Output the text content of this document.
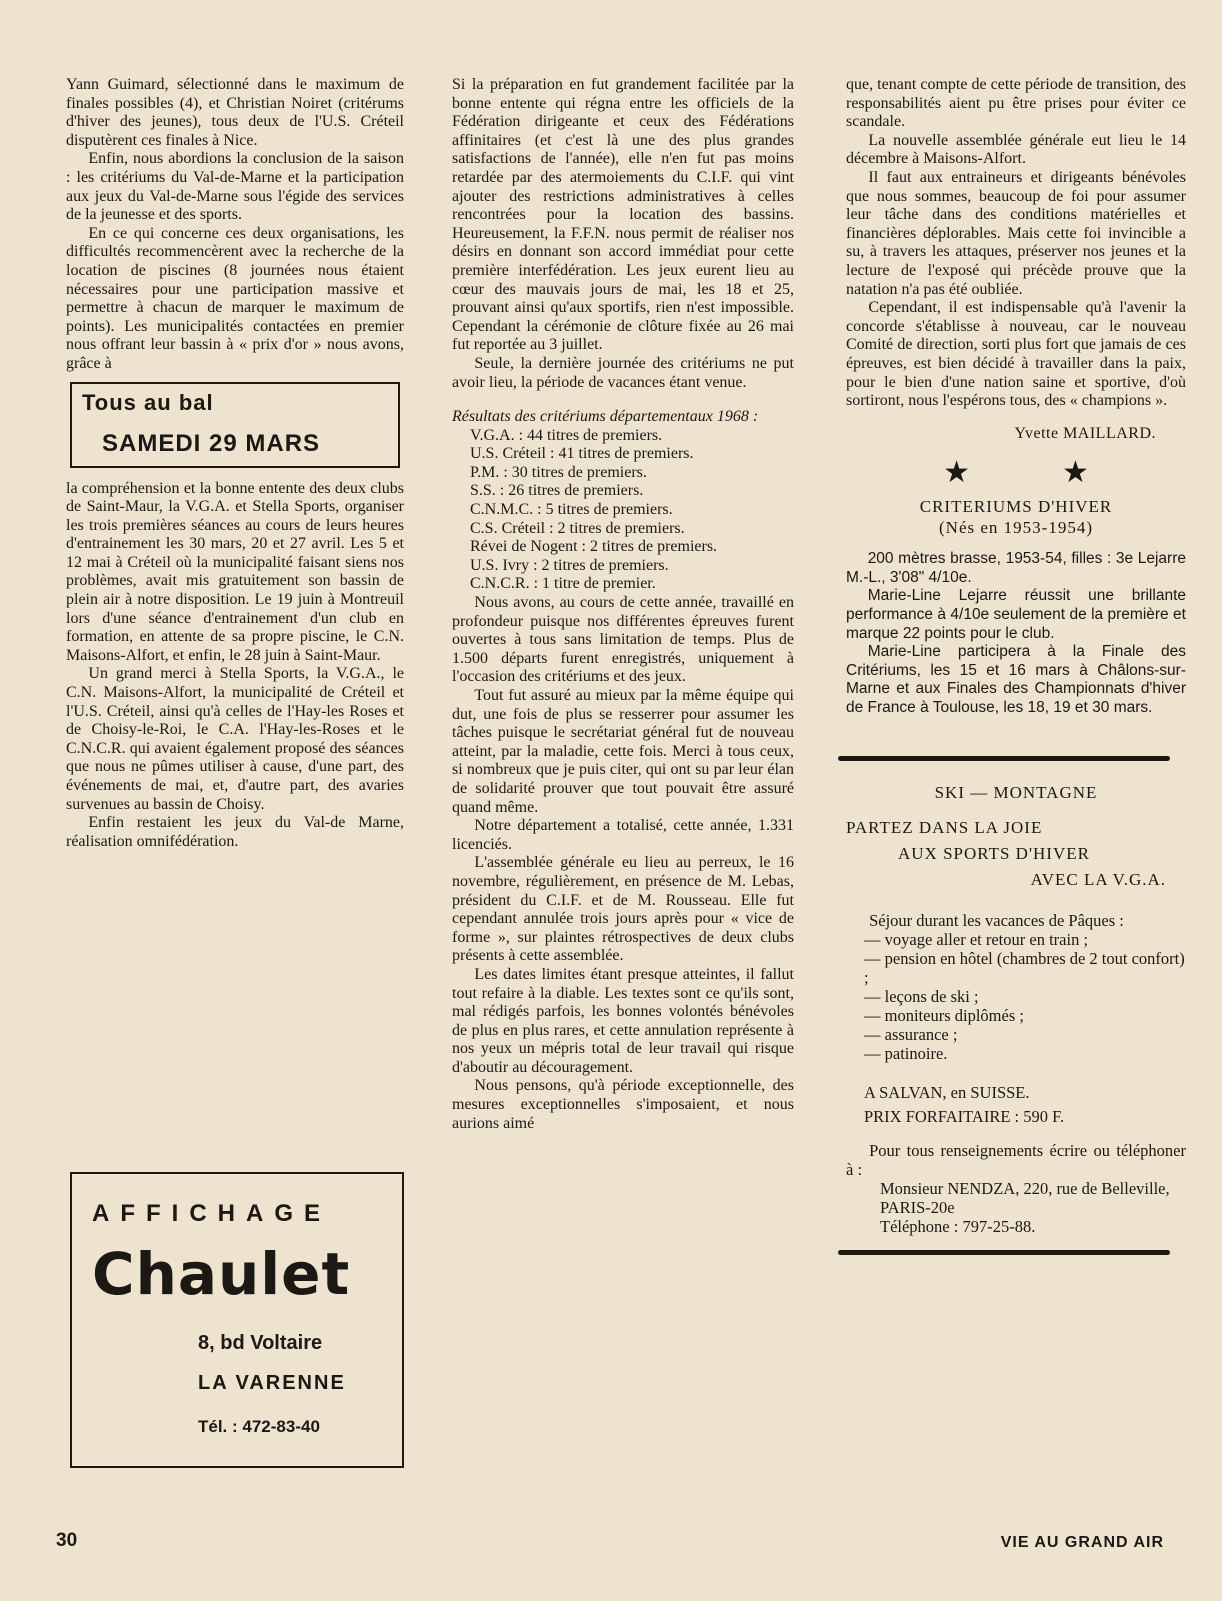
Yann Guimard, sélectionné dans le maximum de finales possibles (4), et Christian Noiret (critérums d'hiver des jeunes), tous deux de l'U.S. Créteil disputèrent ces finales à Nice.

Enfin, nous abordions la conclusion de la saison : les critériums du Val-de-Marne et la participation aux jeux du Val-de-Marne sous l'égide des services de la jeunesse et des sports.

En ce qui concerne ces deux organisations, les difficultés recommencèrent avec la recherche de la location de piscines (8 journées nous étaient nécessaires pour une participation massive et permettre à chacun de marquer le maximum de points). Les municipalités contactées en premier nous offrant leur bassin à « prix d'or » nous avons, grâce à

Tous au bal
SAMEDI 29 MARS

la compréhension et la bonne entente des deux clubs de Saint-Maur, la V.G.A. et Stella Sports, organiser les trois premières séances au cours de leurs heures d'entrainement les 30 mars, 20 et 27 avril. Les 5 et 12 mai à Créteil où la municipalité faisant siens nos problèmes, avait mis gratuitement son bassin de plein air à notre disposition. Le 19 juin à Montreuil lors d'une séance d'entrainement d'un club en formation, en attente de sa propre piscine, le C.N. Maisons-Alfort, et enfin, le 28 juin à Saint-Maur.

Un grand merci à Stella Sports, la V.G.A., le C.N. Maisons-Alfort, la municipalité de Créteil et l'U.S. Créteil, ainsi qu'à celles de l'Hay-les Roses et de Choisy-le-Roi, le C.A. l'Hay-les-Roses et le C.N.C.R. qui avaient également proposé des séances que nous ne pûmes utiliser à cause, d'une part, des événements de mai, et, d'autre part, des avaries survenues au bassin de Choisy.

Enfin restaient les jeux du Val-de Marne, réalisation omnifédération.

AFFICHAGE
Chaulet
8, bd Voltaire
LA VARENNE
Tél. : 472-83-40

Si la préparation en fut grandement facilitée par la bonne entente qui régna entre les officiels de la Fédération dirigeante et ceux des Fédérations affinitaires (et c'est là une des plus grandes satisfactions de l'année), elle n'en fut pas moins retardée par des atermoiements du C.I.F. qui vint ajouter des restrictions administratives à celles rencontrées pour la location des bassins. Heureusement, la F.F.N. nous permit de réaliser nos désirs en donnant son accord immédiat pour cette première interfédération. Les jeux eurent lieu au cœur des mauvais jours de mai, les 18 et 25, prouvant ainsi qu'aux sportifs, rien n'est impossible. Cependant la cérémonie de clôture fixée au 26 mai fut reportée au 3 juillet.

Seule, la dernière journée des critériums ne put avoir lieu, la période de vacances étant venue.

Résultats des critériums départementaux 1968 :

V.G.A. : 44 titres de premiers.
U.S. Créteil : 41 titres de premiers.
P.M. : 30 titres de premiers.
S.S. : 26 titres de premiers.
C.N.M.C. : 5 titres de premiers.
C.S. Créteil : 2 titres de premiers.
Révei de Nogent : 2 titres de premiers.
U.S. Ivry : 2 titres de premiers.
C.N.C.R. : 1 titre de premier.

Nous avons, au cours de cette année, travaillé en profondeur puisque nos différentes épreuves furent ouvertes à tous sans limitation de temps. Plus de 1.500 départs furent enregistrés, uniquement à l'occasion des critériums et des jeux.

Tout fut assuré au mieux par la même équipe qui dut, une fois de plus se resserrer pour assumer les tâches puisque le secrétariat général fut de nouveau atteint, par la maladie, cette fois. Merci à tous ceux, si nombreux que je puis citer, qui ont su par leur élan de solidarité prouver que tout pouvait être assuré quand même.

Notre département a totalisé, cette année, 1.331 licenciés.

L'assemblée générale eu lieu au perreux, le 16 novembre, régulièrement, en présence de M. Lebas, président du C.I.F. et de M. Rousseau. Elle fut cependant annulée trois jours après pour « vice de forme », sur plaintes rétrospectives de deux clubs présents à cette assemblée.

Les dates limites étant presque atteintes, il fallut tout refaire à la diable. Les textes sont ce qu'ils sont, mal rédigés parfois, les bonnes volontés bénévoles de plus en plus rares, et cette annulation représente à nos yeux un mépris total de leur travail qui risque d'aboutir au découragement.

Nous pensons, qu'à période exceptionnelle, des mesures exceptionnelles s'imposaient, et nous aurions aimé

que, tenant compte de cette période de transition, des responsabilités aient pu être prises pour éviter ce scandale.

La nouvelle assemblée générale eut lieu le 14 décembre à Maisons-Alfort.

Il faut aux entraineurs et dirigeants bénévoles que nous sommes, beaucoup de foi pour assumer leur tâche dans des conditions matérielles et financières déplorables. Mais cette foi invincible a su, à travers les attaques, préserver nos jeunes et la lecture de l'exposé qui précède prouve que la natation n'a pas été oubliée.

Cependant, il est indispensable qu'à l'avenir la concorde s'établisse à nouveau, car le nouveau Comité de direction, sorti plus fort que jamais de ces épreuves, est bien décidé à travailler dans la paix, pour le bien d'une nation saine et sportive, d'où sortiront, nous l'espérons tous, des « champions ».

Yvette MAILLARD.
★	★
CRITERIUMS D'HIVER
(Nés en 1953-1954)

200 mètres brasse, 1953-54, filles : 3e Lejarre M.-L., 3'08" 4/10e.

Marie-Line Lejarre réussit une brillante performance à 4/10e seulement de la première et marque 22 points pour le club.

Marie-Line participera à la Finale des Critériums, les 15 et 16 mars à Châlons-sur-Marne et aux Finales des Championnats d'hiver de France à Toulouse, les 18, 19 et 30 mars.

SKI — MONTAGNE
PARTEZ DANS LA JOIE
AUX SPORTS D'HIVER
AVEC LA V.G.A.

Séjour durant les vacances de Pâques :

— voyage aller et retour en train ;
— pension en hôtel (chambres de 2 tout confort) ;
— leçons de ski ;
— moniteurs diplômés ;
— assurance ;
— patinoire.
A SALVAN, en SUISSE.
PRIX FORFAITAIRE : 590 F.

Pour tous renseignements écrire ou téléphoner à :

Monsieur NENDZA, 220, rue de Belleville, PARIS-20e
Téléphone : 797-25-88.
30	VIE AU GRAND AIR
